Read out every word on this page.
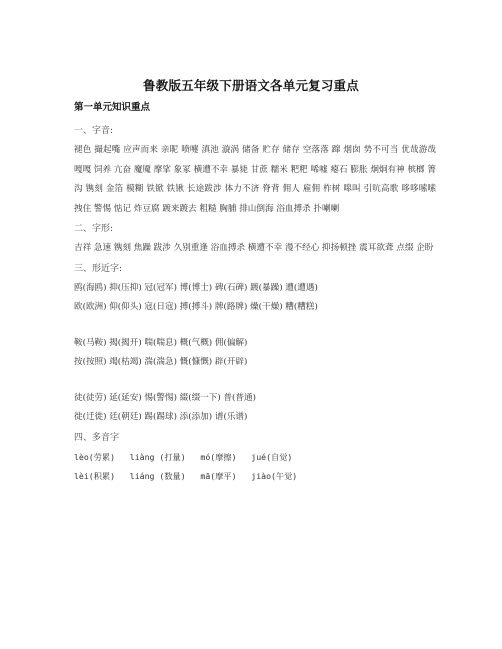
鲁教版五年级下册语文各单元复习重点
第一单元知识重点
一、字音:
褪色 撮起嘴 应声而来 亲昵 喷嚏 滇池 漩涡 储备 贮存 储存 空落落 蹿 烟囱 势不可当 优哉游哉 嘎嘎 饲养 亢奋 魔魇 摩挲 象冢 横遭不幸 暴毙 甘蔗 糯米 粑粑 唏嘘 瘪石 膨胀 炯炯有神 槟榔 箐沟 镌刻 金箔 模糊 铁锨 铁锹 长途跋涉 体力不济 脊背 佣人 雇佣 柞树 嗥叫 引吭高歌 哆哆嗦嗦 拽住 警惕 惦记 炸豆腐 踱来踱去 粗糙 胸脯 排山倒海 浴血搏杀 扑喇喇
二、字形:
吉祥 急速 镌刻 焦躁 跋涉 久别重逢 浴血搏杀 横遭不幸 漫不经心 抑扬顿挫 震耳欲聋 点缀 企盼
三、形近字:
鸥(海鸥) 抑(压抑) 冠(冠军) 博(博士) 碑(石碑) 踱(暴躁) 遭(遭遇)
欧(欧洲) 仰(仰头) 寇(日寇) 搏(搏斗) 牌(路牌) 燥(干燥) 糟(糟糕)
鞍(马鞍) 揭(揭开) 喘(喘息) 概(气概) 佣(偏解)
按(按照) 竭(枯竭) 湍(湍急) 慨(慷慨) 辟(开辟)
徒(徒劳) 延(延安) 惕(警惕) 綴(缀一下) 普(普通)
徙(迁徙) 廷(朝廷) 踢(踢球) 添(添加) 谱(乐谱)
四、多音字
lèo(劳累)   liàng (打量)   mó(摩擦)   jué(自觉)
lèi(积累)   liáng (数量)   mā(摩平)   jiào(午觉)
